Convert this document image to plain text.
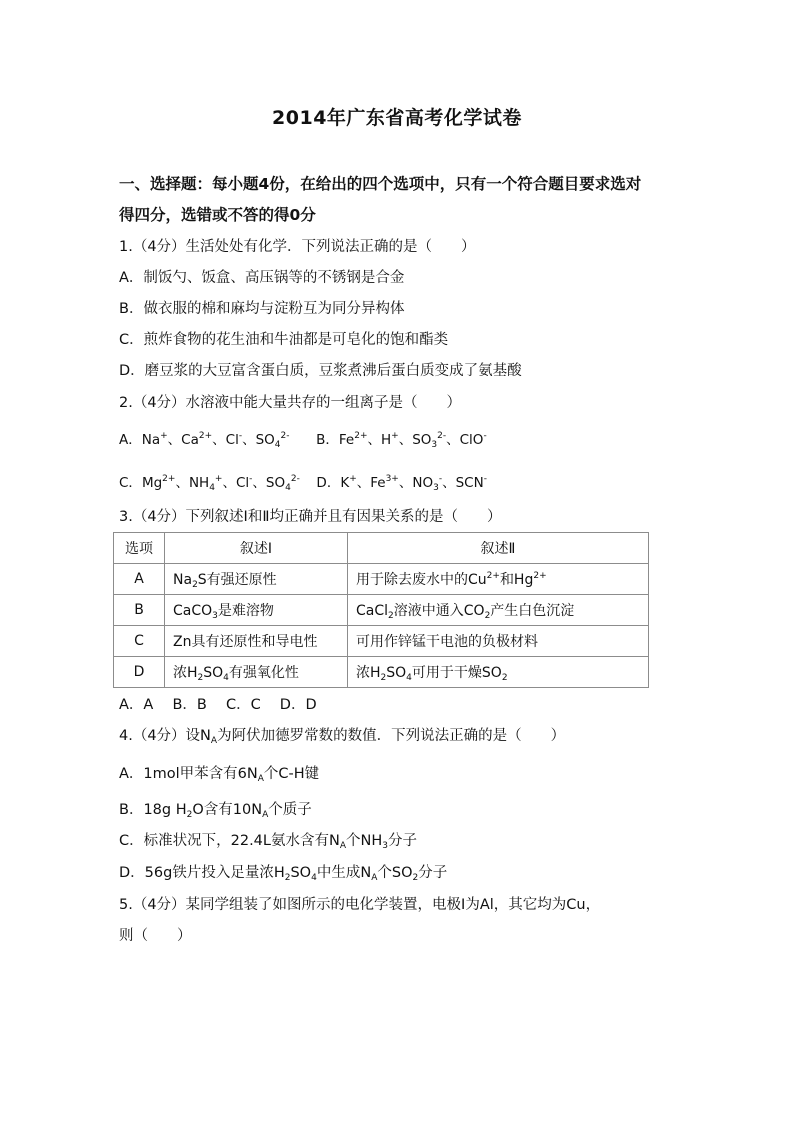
2014年广东省高考化学试卷
一、选择题：每小题4份，在给出的四个选项中，只有一个符合题目要求选对
得四分，选错或不答的得0分
1.（4分）生活处处有化学．下列说法正确的是（　　）
A．制饭勺、饭盒、高压锅等的不锈钢是合金
B．做衣服的棉和麻均与淀粉互为同分异构体
C．煎炸食物的花生油和牛油都是可皂化的饱和酯类
D．磨豆浆的大豆富含蛋白质，豆浆煮沸后蛋白质变成了氨基酸
2.（4分）水溶液中能大量共存的一组离子是（　　）
A．Na+、$Ca^{2+}$、Cl-、$SO_4^{2-}$ B．$Fe^{2+}$、H+、$SO_3^{2-}$、ClO-
C．$Mg^{2+}$、$NH_4^+$、Cl-、$SO_4^{2-}$ D．K+、$Fe^{3+}$、$NO_3^-$、SCN-
3.（4分）下列叙述Ⅰ和Ⅱ均正确并且有因果关系的是（　　）
选项	叙述Ⅰ	叙述Ⅱ
A	$Na_2S$有强还原性	用于除去废水中的$Cu^{2+}$和$Hg^{2+}$
B	CaCO$_3$是难溶物	CaCl$_2$溶液中通入$CO_2$产生白色沉淀
C	Zn具有还原性和导电性	可用作锌锰干电池的负极材料
D	浓$H_2SO_4$有强氧化性	浓$H_2SO_4$可用于干燥$SO_2$
A．A　 B．B　 C．C　 D．D
4.（4分）设$N_A$为阿伏加德罗常数的数值．下列说法正确的是（　　）
A．1mol甲苯含有$6N_A$个C-H键
B．18g $H_2O$含有$10N_A$个质子
C．标准状况下，22.4L氨水含有$N_A$个$NH_3$分子
D．56g铁片投入足量浓$H_2SO_4$中生成$N_A$个$SO_2$分子
5.（4分）某同学组装了如图所示的电化学装置，电极Ⅰ为Al，其它均为Cu，
则（　　）
